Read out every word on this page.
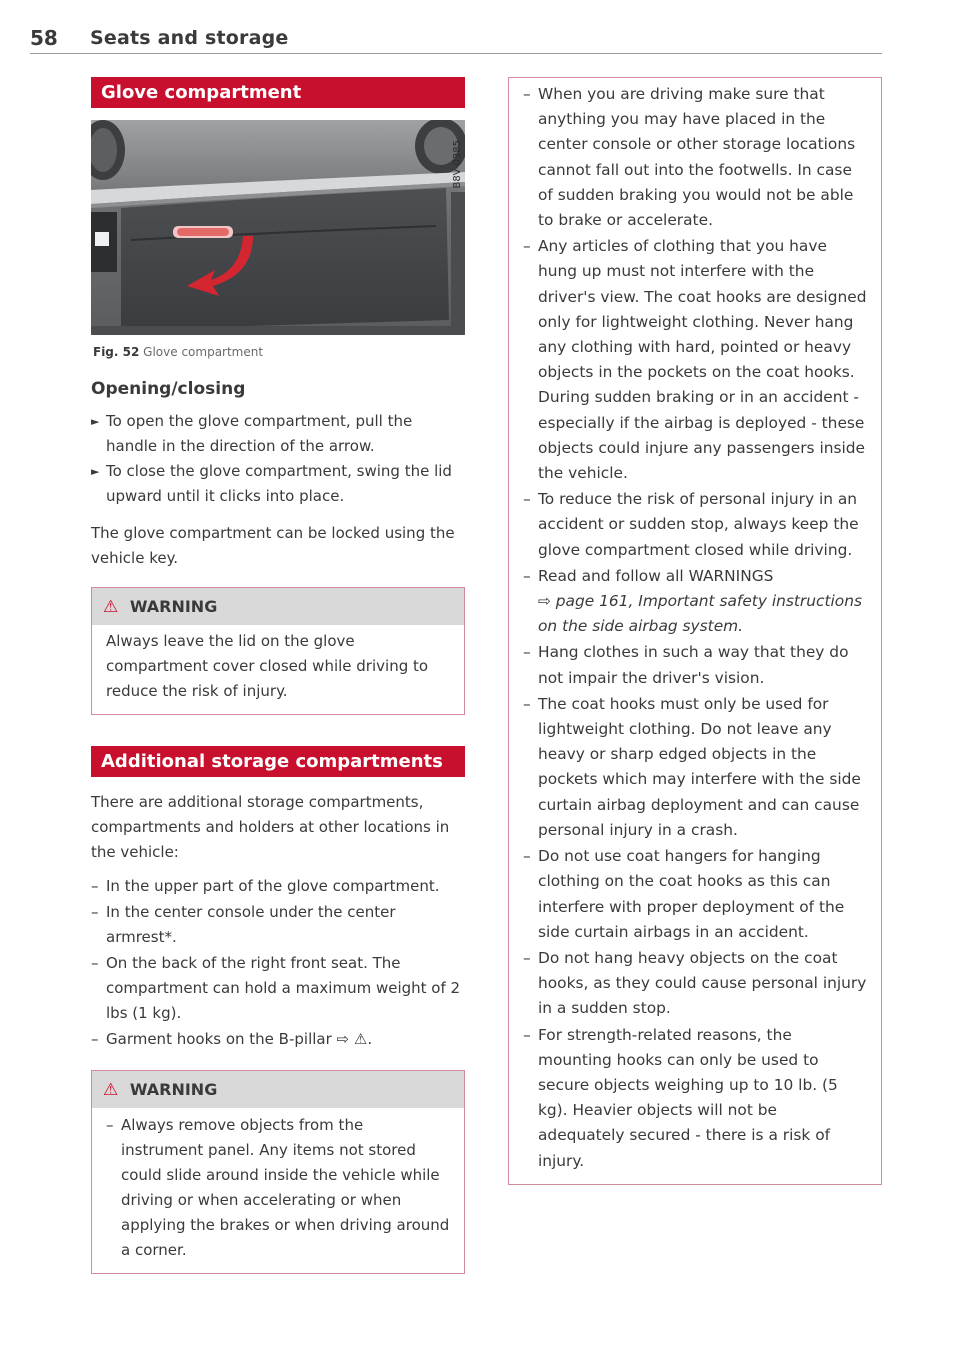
58 Seats and storage
Glove compartment
B8V-0385
Fig. 52 Glove compartment
Opening/closing
► To open the glove compartment, pull the handle in the direction of the arrow.
► To close the glove compartment, swing the lid upward until it clicks into place.

The glove compartment can be locked using the vehicle key.

⚠ WARNING
Always leave the lid on the glove compartment cover closed while driving to reduce the risk of injury.
Additional storage compartments

There are additional storage compartments, compartments and holders at other locations in the vehicle:

– In the upper part of the glove compartment.
– In the center console under the center armrest*.
– On the back of the right front seat. The compartment can hold a maximum weight of 2 lbs (1 kg).
– Garment hooks on the B-pillar ⇨ ⚠.
⚠ WARNING
– Always remove objects from the instrument panel. Any items not stored could slide around inside the vehicle while driving or when accelerating or when applying the brakes or when driving around a corner.
– When you are driving make sure that anything you may have placed in the center console or other storage locations cannot fall out into the footwells. In case of sudden braking you would not be able to brake or accelerate.
– Any articles of clothing that you have hung up must not interfere with the driver's view. The coat hooks are designed only for lightweight clothing. Never hang any clothing with hard, pointed or heavy objects in the pockets on the coat hooks. During sudden braking or in an accident - especially if the airbag is deployed - these objects could injure any passengers inside the vehicle.
– To reduce the risk of personal injury in an accident or sudden stop, always keep the glove compartment closed while driving.
– Read and follow all WARNINGS
⇨ page 161, Important safety instructions on the side airbag system.
– Hang clothes in such a way that they do not impair the driver's vision.
– The coat hooks must only be used for lightweight clothing. Do not leave any heavy or sharp edged objects in the pockets which may interfere with the side curtain airbag deployment and can cause personal injury in a crash.
– Do not use coat hangers for hanging clothing on the coat hooks as this can interfere with proper deployment of the side curtain airbags in an accident.
– Do not hang heavy objects on the coat hooks, as they could cause personal injury in a sudden stop.
– For strength-related reasons, the mounting hooks can only be used to secure objects weighing up to 10 lb. (5 kg). Heavier objects will not be adequately secured - there is a risk of injury.
